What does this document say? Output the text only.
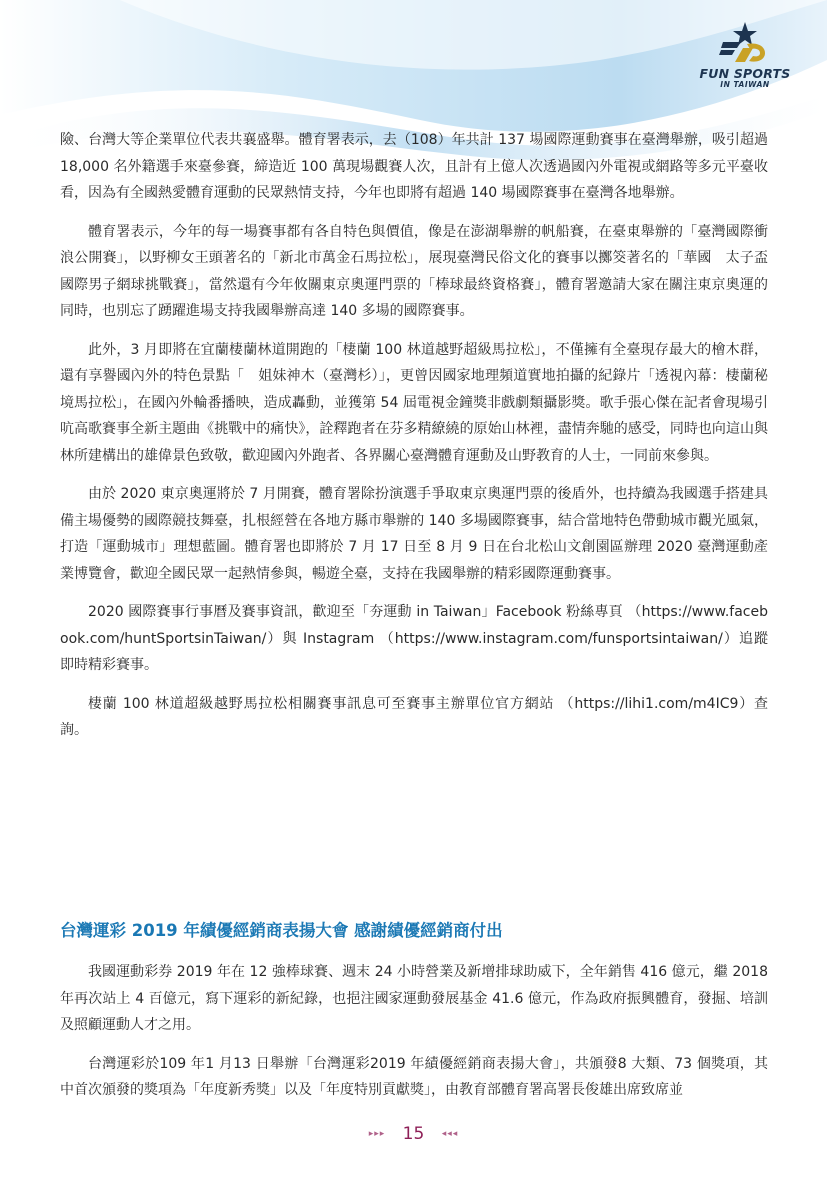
FUN SPORTS
IN TAIWAN

險、台灣大等企業單位代表共襄盛舉。體育署表示，去（108）年共計 137 場國際運動賽事在臺灣舉辦，吸引超過 18,000 名外籍選手來臺參賽，締造近 100 萬現場觀賽人次，且計有上億人次透過國內外電視或網路等多元平臺收看，因為有全國熱愛體育運動的民眾熱情支持，今年也即將有超過 140 場國際賽事在臺灣各地舉辦。

體育署表示，今年的每一場賽事都有各自特色與價值，像是在澎湖舉辦的帆船賽，在臺東舉辦的「臺灣國際衝浪公開賽」，以野柳女王頭著名的「新北市萬金石馬拉松」，展現臺灣民俗文化的賽事以擲筊著名的「華國　太子盃國際男子網球挑戰賽」，當然還有今年攸關東京奧運門票的「棒球最終資格賽」，體育署邀請大家在關注東京奧運的同時，也別忘了踴躍進場支持我國舉辦高達 140 多場的國際賽事。

此外，3 月即將在宜蘭棲蘭林道開跑的「棲蘭 100 林道越野超級馬拉松」，不僅擁有全臺現存最大的檜木群，還有享譽國內外的特色景點「　姐妹神木（臺灣杉）」，更曾因國家地理頻道實地拍攝的紀錄片「透視內幕：棲蘭秘境馬拉松」，在國內外輪番播映，造成轟動，並獲第 54 屆電視金鐘獎非戲劇類攝影獎。歌手張心傑在記者會現場引吭高歌賽事全新主題曲《挑戰中的痛快》，詮釋跑者在芬多精繚繞的原始山林裡，盡情奔馳的感受，同時也向這山與林所建構出的雄偉景色致敬，歡迎國內外跑者、各界關心臺灣體育運動及山野教育的人士，一同前來參與。

由於 2020 東京奧運將於 7 月開賽，體育署除扮演選手爭取東京奧運門票的後盾外，也持續為我國選手搭建具備主場優勢的國際競技舞臺，扎根經營在各地方縣市舉辦的 140 多場國際賽事，結合當地特色帶動城市觀光風氣，打造「運動城市」理想藍圖。體育署也即將於 7 月 17 日至 8 月 9 日在台北松山文創園區辦理 2020 臺灣運動產業博覽會，歡迎全國民眾一起熱情參與，暢遊全臺，支持在我國舉辦的精彩國際運動賽事。

2020 國際賽事行事曆及賽事資訊，歡迎至「夯運動 in Taiwan」Facebook 粉絲專頁 （https://www.facebook.com/huntSportsinTaiwan/）與 Instagram （https://www.instagram.com/funsportsintaiwan/）追蹤即時精彩賽事。

棲蘭 100 林道超級越野馬拉松相關賽事訊息可至賽事主辦單位官方網站 （https://lihi1.com/m4IC9）查詢。

台灣運彩 2019 年績優經銷商表揚大會 感謝績優經銷商付出

我國運動彩券 2019 年在 12 強棒球賽、週末 24 小時營業及新增排球助威下，全年銷售 416 億元，繼 2018 年再次站上 4 百億元，寫下運彩的新紀錄，也挹注國家運動發展基金 41.6 億元，作為政府振興體育，發掘、培訓及照顧運動人才之用。

台灣運彩於109 年1 月13 日舉辦「台灣運彩2019 年績優經銷商表揚大會」，共頒發8 大類、73 個獎項，其中首次頒發的獎項為「年度新秀獎」以及「年度特別貢獻獎」，由教育部體育署高署長俊雄出席致席並

▸▸▸ 15 ◂◂◂
